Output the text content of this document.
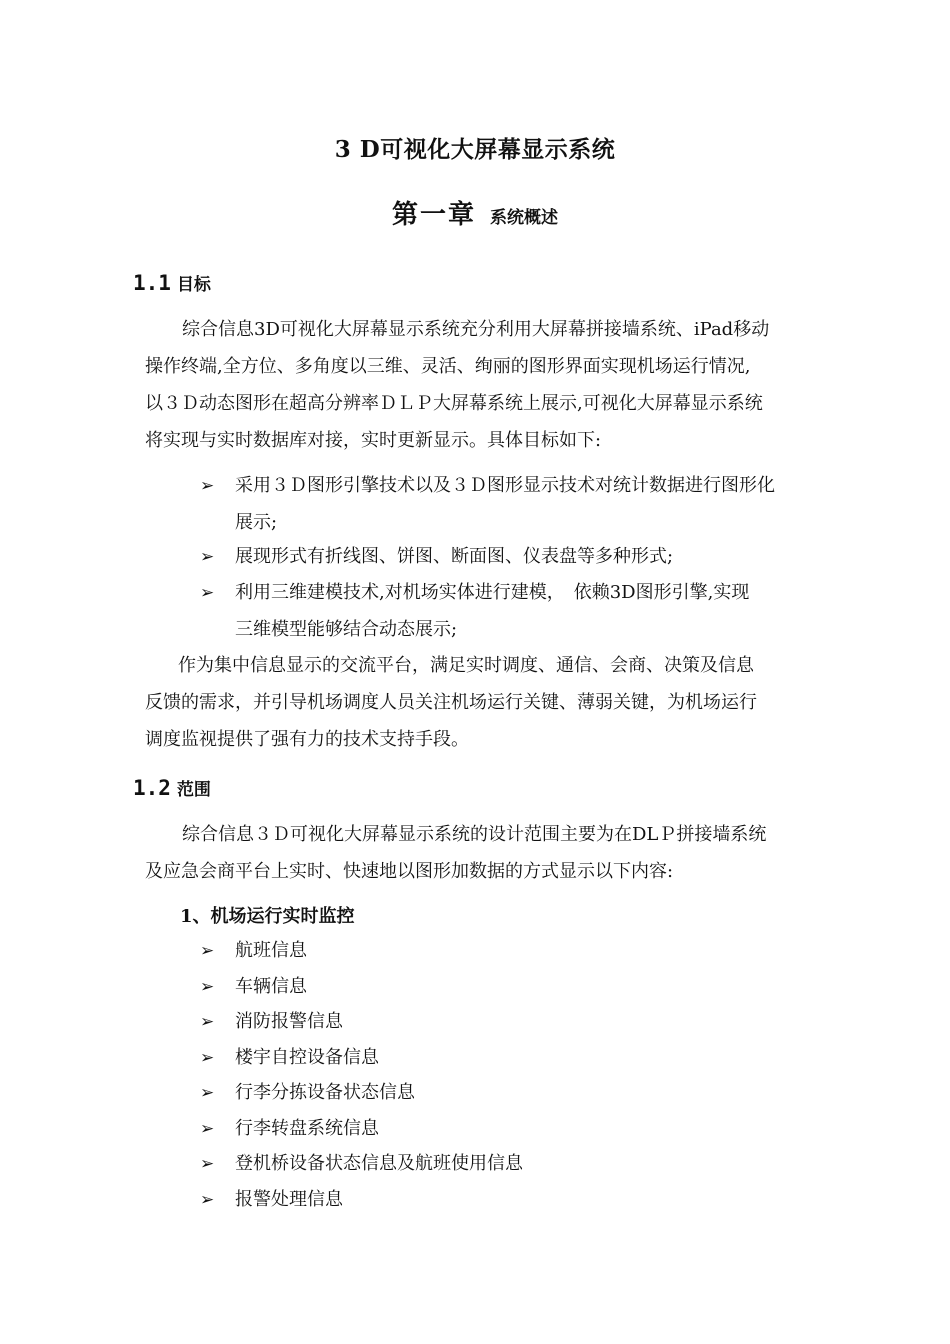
3 D可视化大屏幕显示系统
第一章 系统概述
1.1 目标
综合信息3D可视化大屏幕显示系统充分利用大屏幕拼接墙系统、iPad移动
操作终端,全方位、多角度以三维、灵活、绚丽的图形界面实现机场运行情况,
以３Ｄ动态图形在超高分辨率ＤＬＰ大屏幕系统上展示,可视化大屏幕显示系统
将实现与实时数据库对接，实时更新显示。具体目标如下:
➢ 采用３Ｄ图形引擎技术以及３Ｄ图形显示技术对统计数据进行图形化
展示;
➢ 展现形式有折线图、饼图、断面图、仪表盘等多种形式;
➢ 利用三维建模技术,对机场实体进行建模，　依赖3D图形引擎,实现
三维模型能够结合动态展示;
作为集中信息显示的交流平台，满足实时调度、通信、会商、决策及信息
反馈的需求，并引导机场调度人员关注机场运行关键、薄弱关键，为机场运行
调度监视提供了强有力的技术支持手段。
1.2 范围
综合信息３Ｄ可视化大屏幕显示系统的设计范围主要为在DLＰ拼接墙系统
及应急会商平台上实时、快速地以图形加数据的方式显示以下内容:
1、机场运行实时监控
➢ 航班信息
➢ 车辆信息
➢ 消防报警信息
➢ 楼宇自控设备信息
➢ 行李分拣设备状态信息
➢ 行李转盘系统信息
➢ 登机桥设备状态信息及航班使用信息
➢ 报警处理信息
